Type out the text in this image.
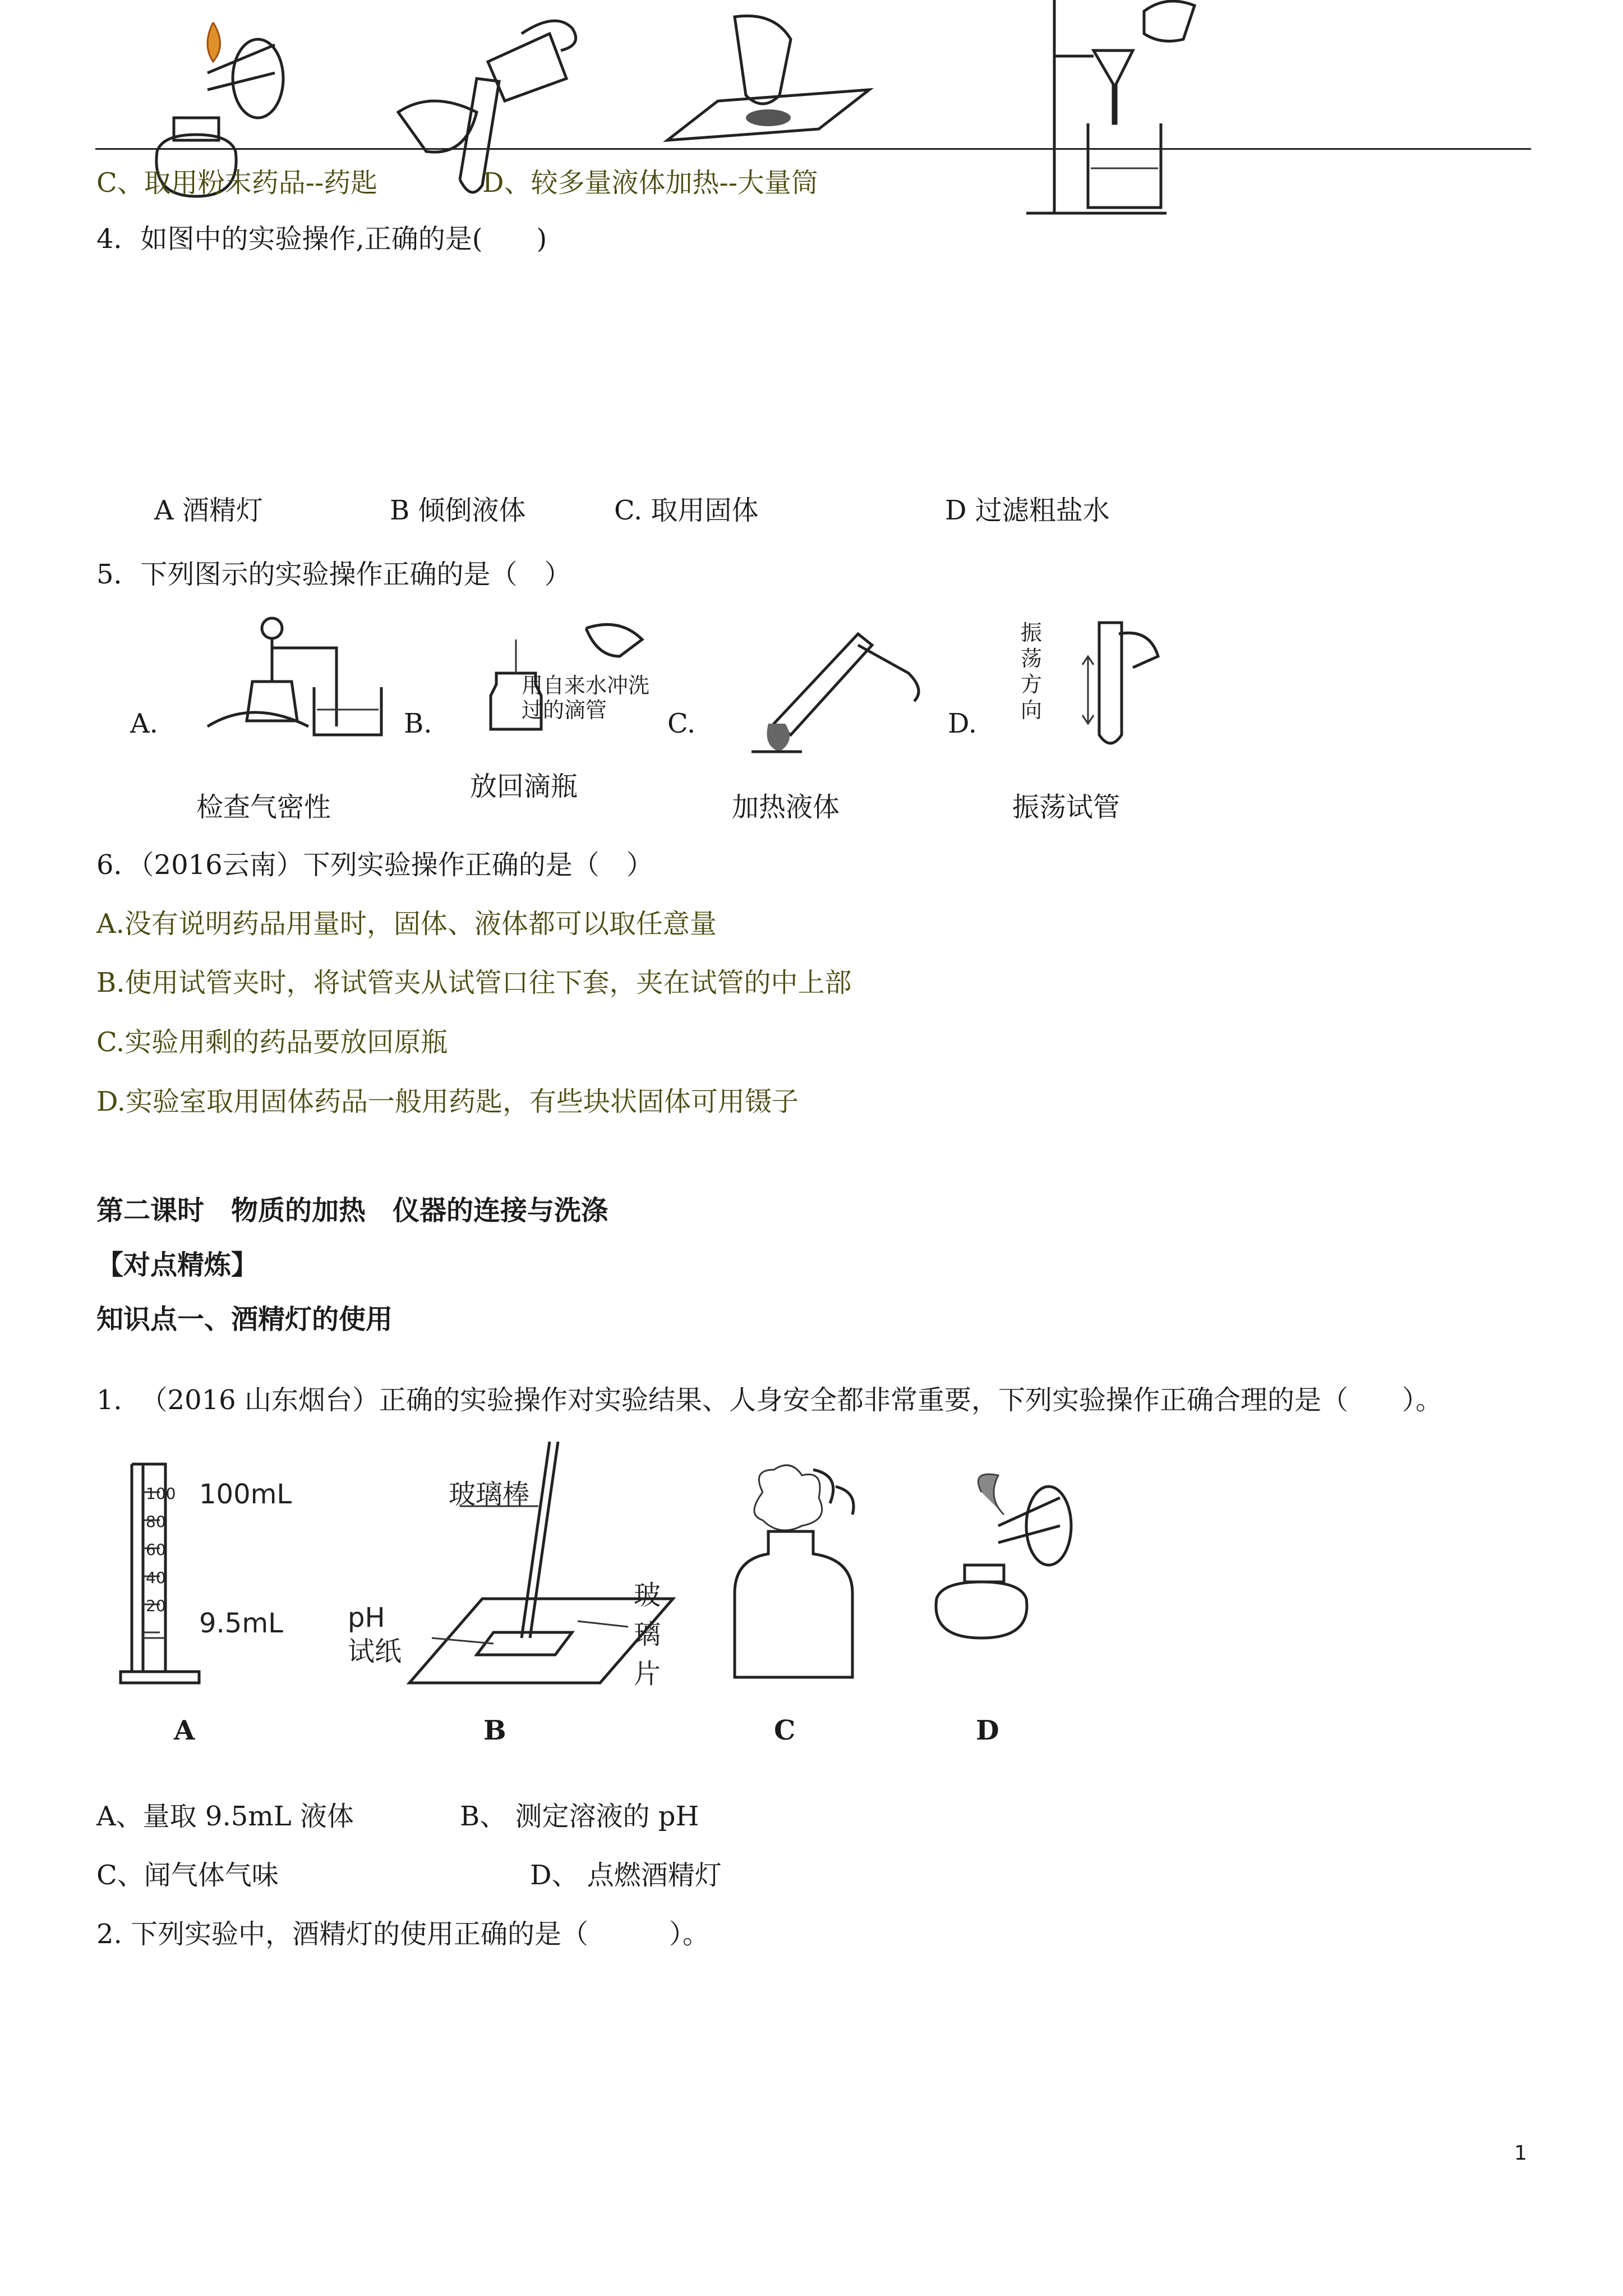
C、取用粉末药品--药匙	D、较多量液体加热--大量筒
4．如图中的实验操作,正确的是(　　)
A 酒精灯	B 倾倒液体	C. 取用固体	D 过滤粗盐水
5．下列图示的实验操作正确的是（　）
A.	B.	C.	D.
用自来水冲洗过的滴管
振荡方向
检查气密性
放回滴瓶
加热液体	振荡试管
6．（2016云南）下列实验操作正确的是（　）
A.没有说明药品用量时，固体、液体都可以取任意量
B.使用试管夹时，将试管夹从试管口往下套，夹在试管的中上部
C.实验用剩的药品要放回原瓶
D.实验室取用固体药品一般用药匙，有些块状固体可用镊子
第二课时　物质的加热　仪器的连接与洗涤
【对点精炼】
知识点一、酒精灯的使用
1．　（2016 山东烟台）正确的实验操作对实验结果、人身安全都非常重要，下列实验操作正确合理的是（　　）。
100
80
60
40
20
100mL
9.5mL
玻璃棒
pH
试纸
玻
璃
片
A	B	C	D
A、量取 9.5mL 液体	B、 测定溶液的 pH
C、闻气体气味	D、 点燃酒精灯
2. 下列实验中，酒精灯的使用正确的是（　　　）。
1
